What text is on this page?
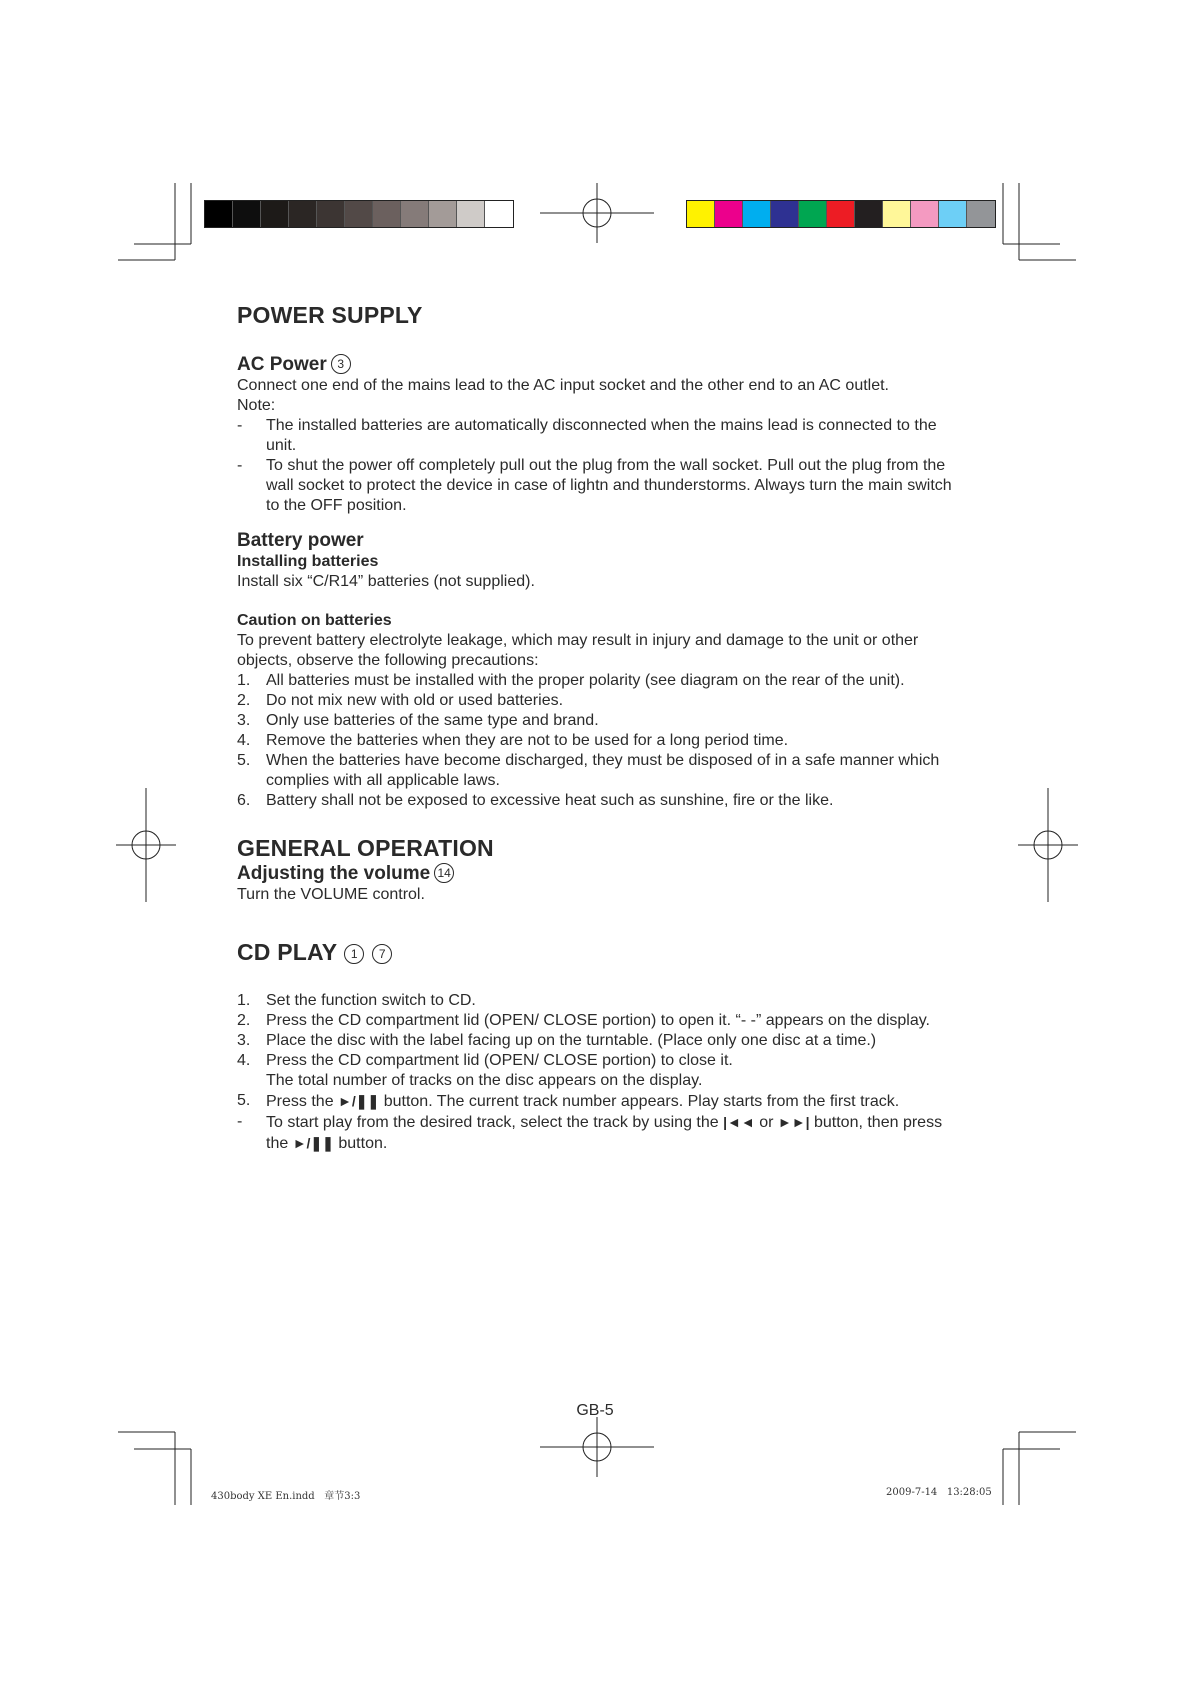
POWER SUPPLY
AC Power 3

Connect one end of the mains lead to the AC input socket and the other end to an AC outlet.

Note:

- The installed batteries are automatically disconnected when the mains lead is connected to the unit.
- To shut the power off completely pull out the plug from the wall socket. Pull out the plug from the wall socket to protect the device in case of lightn and thunderstorms. Always turn the main switch to the OFF position.
Battery power
Installing batteries

Install six “C/R14” batteries (not supplied).

Caution on batteries

To prevent battery electrolyte leakage, which may result in injury and damage to the unit or other objects, observe the following precautions:

1. All batteries must be installed with the proper polarity (see diagram on the rear of the unit).
2. Do not mix new with old or used batteries.
3. Only use batteries of the same type and brand.
4. Remove the batteries when they are not to be used for a long period time.
5. When the batteries have become discharged, they must be disposed of in a safe manner which complies with all applicable laws.
6. Battery shall not be exposed to excessive heat such as sunshine, fire or the like.
GENERAL OPERATION
Adjusting the volume 14

Turn the VOLUME control.

CD PLAY 1 7
1. Set the function switch to CD.
2. Press the CD compartment lid (OPEN/ CLOSE portion) to open it. “- -” appears on the display.
3. Place the disc with the label facing up on the turntable. (Place only one disc at a time.)
4. Press the CD compartment lid (OPEN/ CLOSE portion) to close it.
The total number of tracks on the disc appears on the display.
5. Press the ►/❚❚ button. The current track number appears. Play starts from the first track.
- To start play from the desired track, select the track by using the |◄◄ or ►►| button, then press the ►/❚❚ button.
GB-5
430body XE En.indd   章节3:3	2009-7-14   13:28:05
